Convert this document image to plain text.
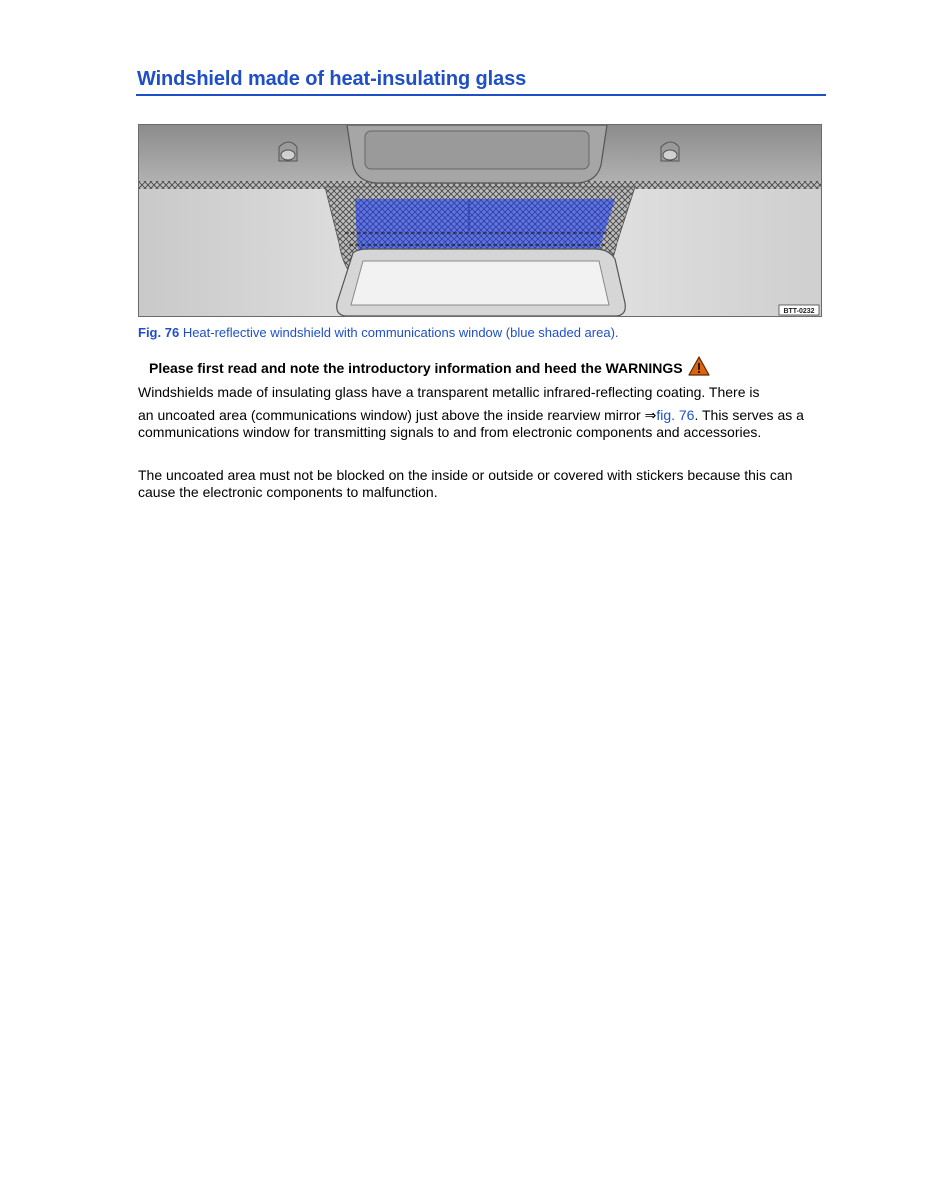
Windshield made of heat-insulating glass
BTT-0232
Fig. 76 Heat-reflective windshield with communications window (blue shaded area).
Please first read and note the introductory information and heed the WARNINGS

Windshields made of insulating glass have a transparent metallic infrared-reflecting coating. There is

an uncoated area (communications window) just above the inside rearview mirror ⇒fig. 76. This serves as a communications window for transmitting signals to and from electronic components and accessories.

The uncoated area must not be blocked on the inside or outside or covered with stickers because this can cause the electronic components to malfunction.
